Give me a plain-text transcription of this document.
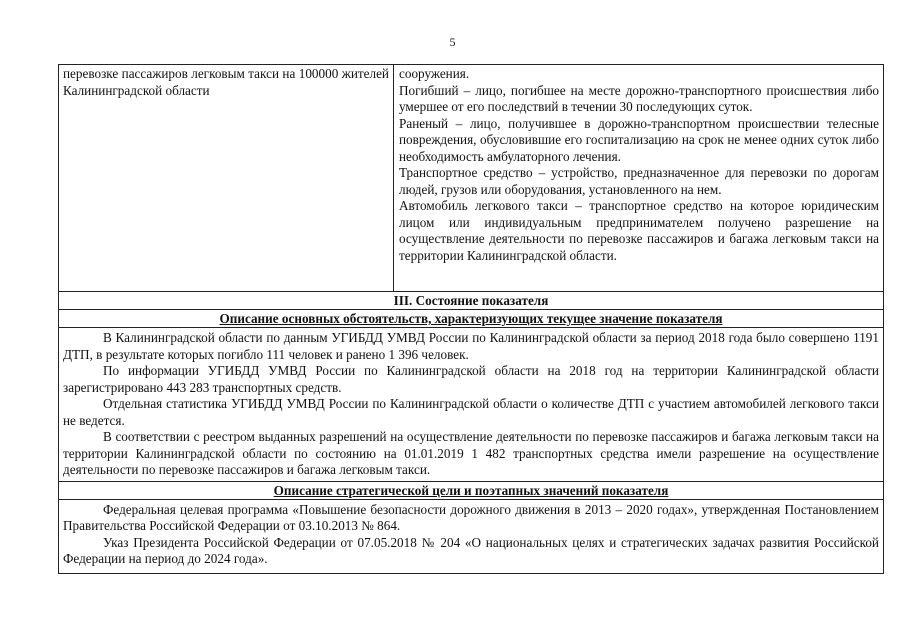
5

перевозке пассажиров легковым такси на 100000 жителей Калининградской области

сооружения.

Погибший – лицо, погибшее на месте дорожно-транспортного происшествия либо умершее от его последствий в течении 30 последующих суток.

Раненый – лицо, получившее в дорожно-транспортном происшествии телесные повреждения, обусловившие его госпитализацию на срок не менее одних суток либо необходимость амбулаторного лечения.

Транспортное средство – устройство, предназначенное для перевозки по дорогам людей, грузов или оборудования, установленного на нем.

Автомобиль легкового такси – транспортное средство на которое юридическим лицом или индивидуальным предпринимателем получено разрешение на осуществление деятельности по перевозке пассажиров и багажа легковым такси на территории Калининградской области.

III. Состояние показателя
Описание основных обстоятельств, характеризующих текущее значение показателя

В Калининградской области по данным УГИБДД УМВД России по Калининградской области за период 2018 года было совершено 1191 ДТП, в результате которых погибло 111 человек и ранено 1 396 человек.

По информации УГИБДД УМВД России по Калининградской области на 2018 год на территории Калининградской области зарегистрировано 443 283 транспортных средств.

Отдельная статистика УГИБДД УМВД России по Калининградской области о количестве ДТП с участием автомобилей легкового такси не ведется.

В соответствии с реестром выданных разрешений на осуществление деятельности по перевозке пассажиров и багажа легковым такси на территории Калининградской области по состоянию на 01.01.2019 1 482 транспортных средства имели разрешение на осуществление деятельности по перевозке пассажиров и багажа легковым такси.

Описание стратегической цели и поэтапных значений показателя

Федеральная целевая программа «Повышение безопасности дорожного движения в 2013 – 2020 годах», утвержденная Постановлением Правительства Российской Федерации от 03.10.2013 № 864.

Указ Президента Российской Федерации от 07.05.2018 № 204 «О национальных целях и стратегических задачах развития Российской Федерации на период до 2024 года».
